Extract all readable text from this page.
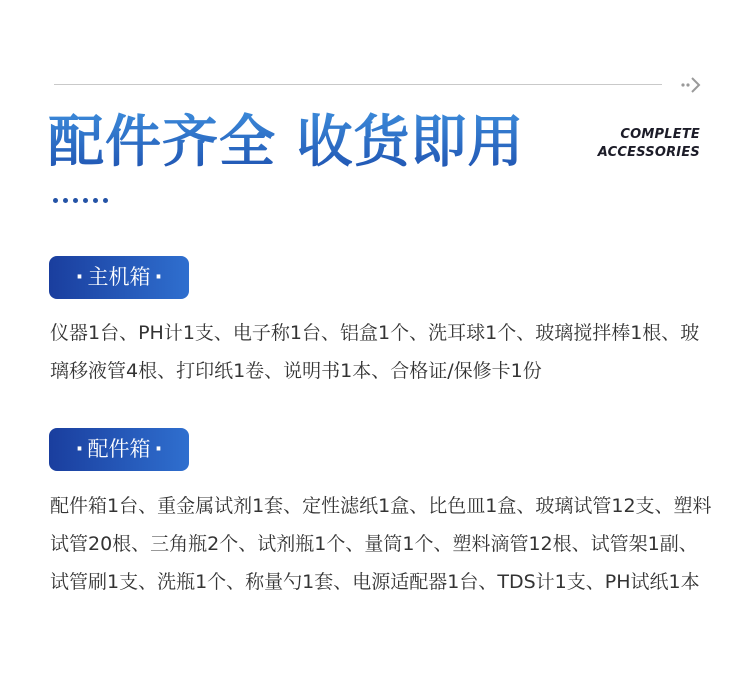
配件齐全 收货即用	COMPLETE
ACCESSORIES
· 主机箱 ·

仪器1台、PH计1支、电子称1台、铝盒1个、洗耳球1个、玻璃搅拌棒1根、玻璃移液管4根、打印纸1卷、说明书1本、合格证/保修卡1份

· 配件箱 ·

配件箱1台、重金属试剂1套、定性滤纸1盒、比色皿1盒、玻璃试管12支、塑料试管20根、三角瓶2个、试剂瓶1个、量筒1个、塑料滴管12根、试管架1副、试管刷1支、洗瓶1个、称量勺1套、电源适配器1台、TDS计1支、PH试纸1本
